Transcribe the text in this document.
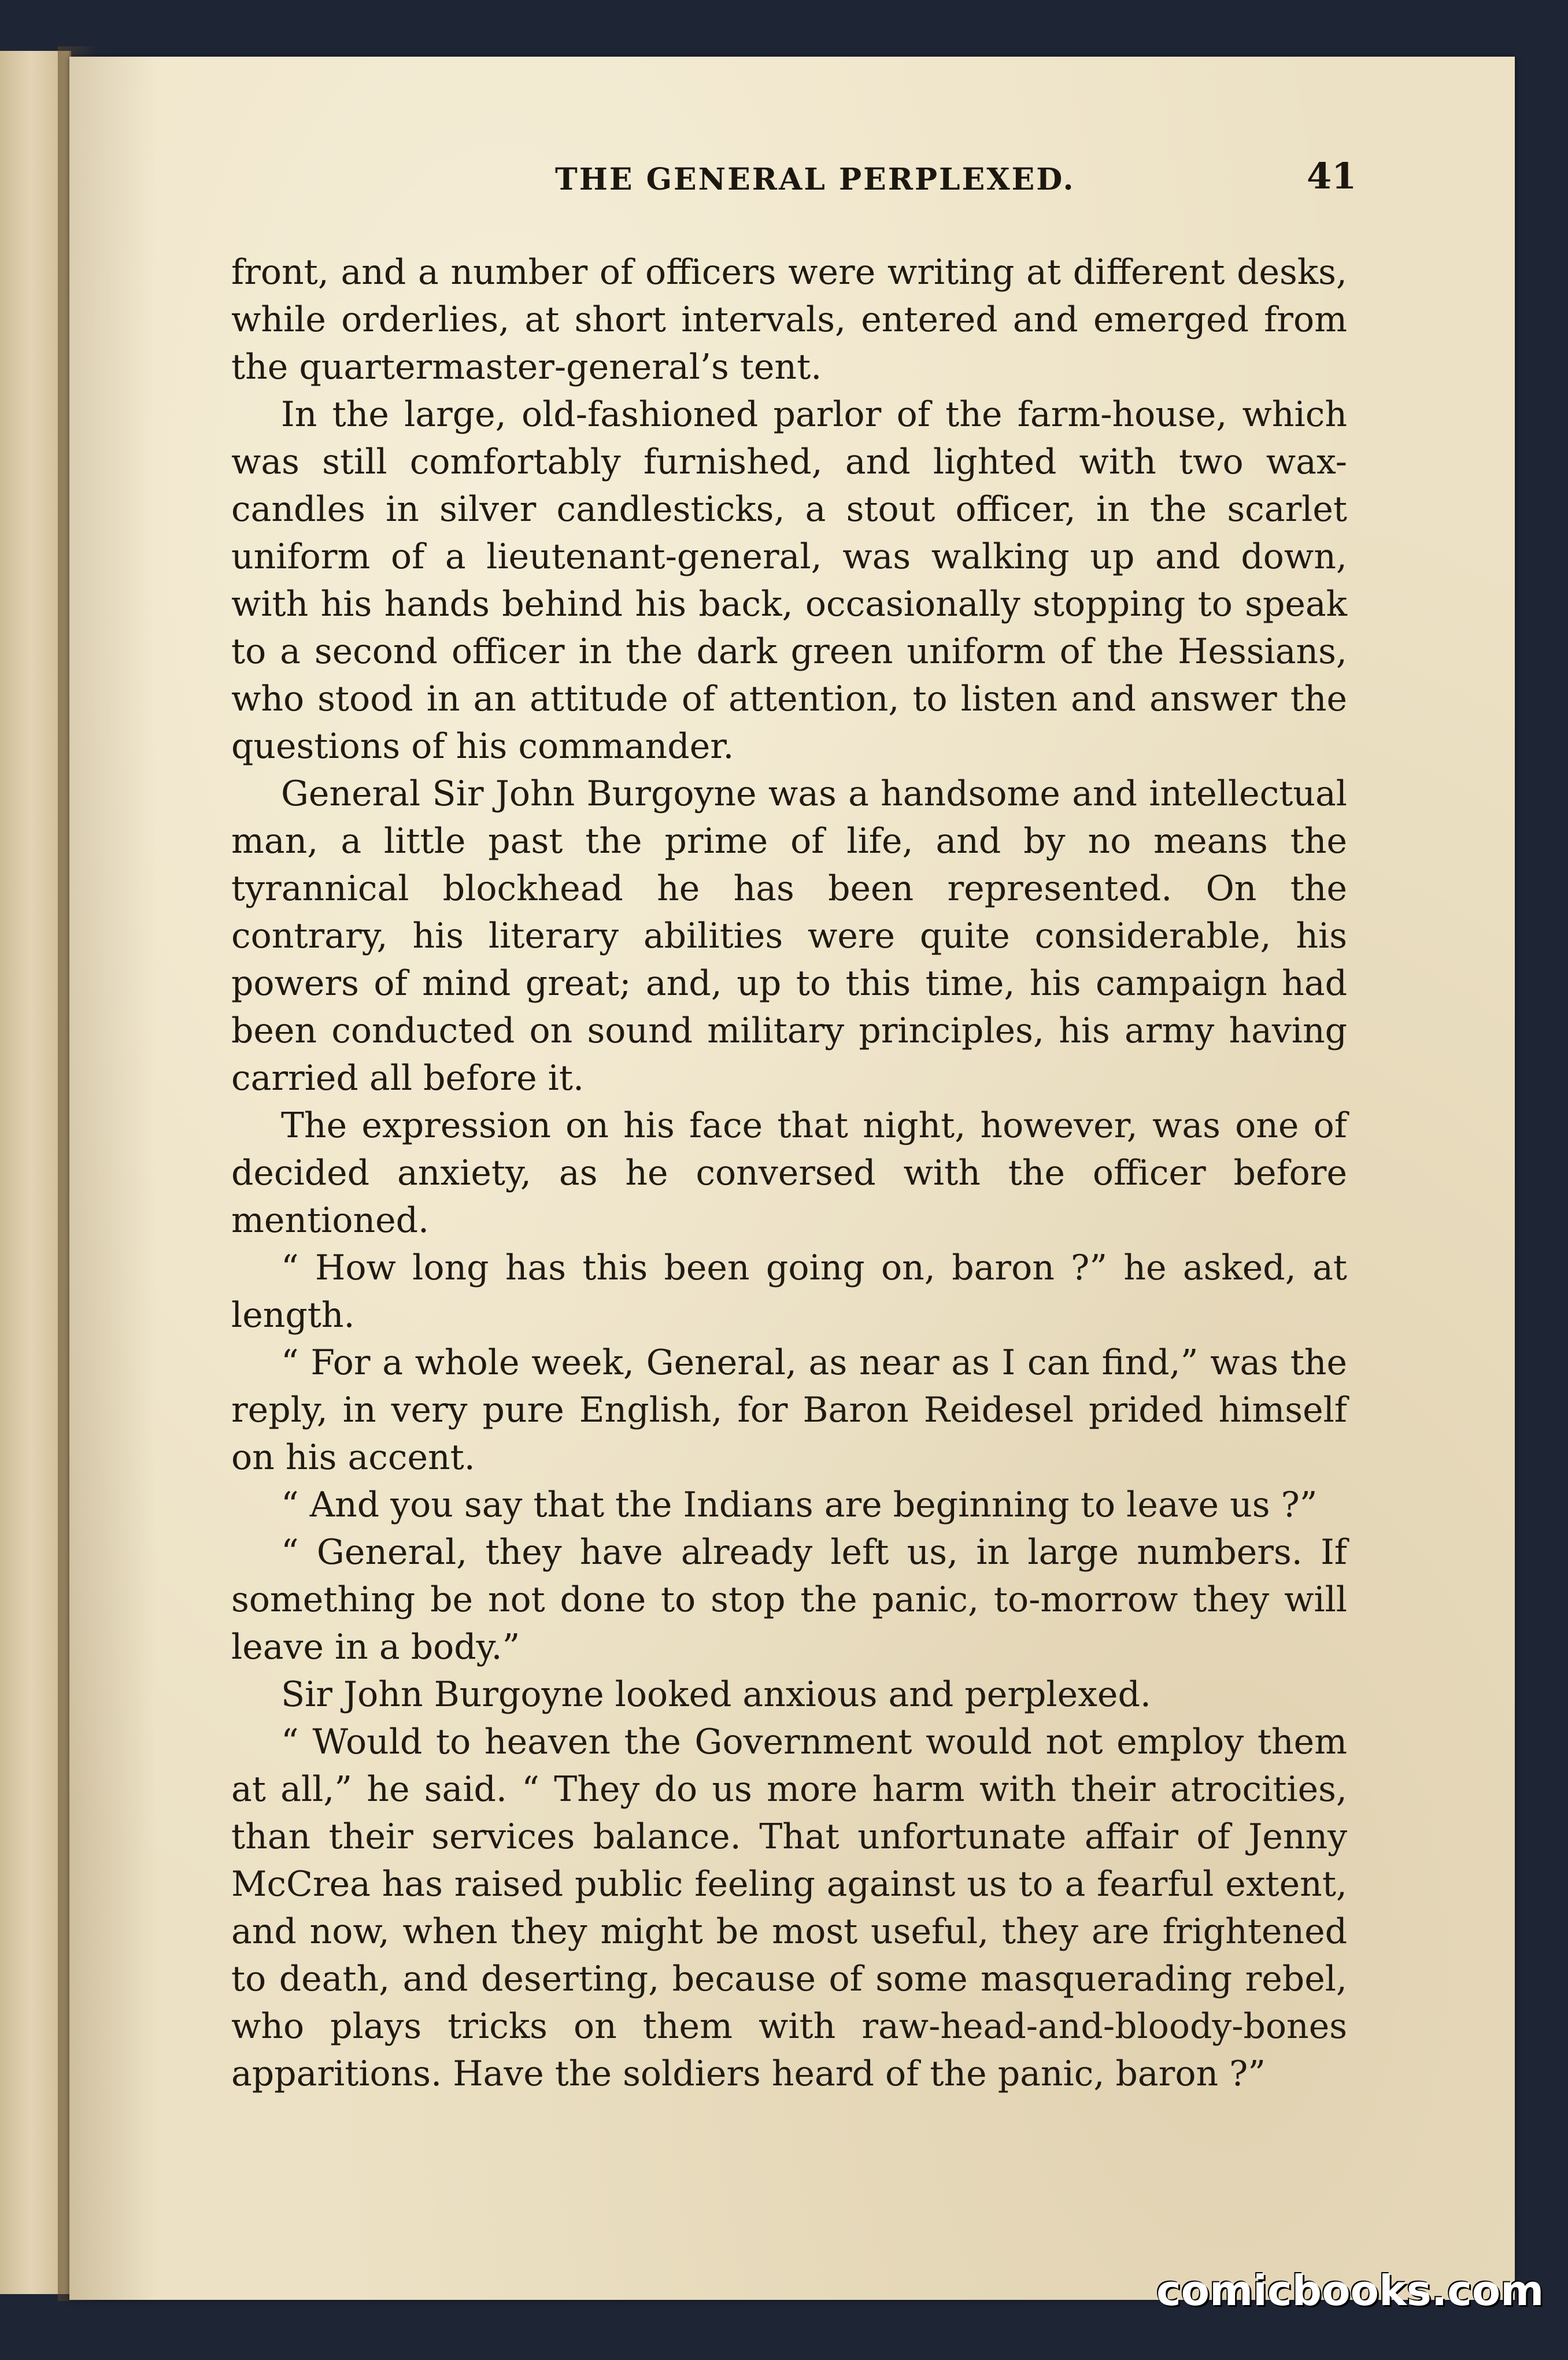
THE GENERAL PERPLEXED.	41

front, and a number of officers were writing at different desks, while orderlies, at short intervals, entered and emerged from the quartermaster-general’s tent.

In the large, old-fashioned parlor of the farm-house, which was still comfortably furnished, and lighted with two wax-candles in silver candlesticks, a stout officer, in the scarlet uniform of a lieutenant-general, was walking up and down, with his hands behind his back, occasionally stopping to speak to a second officer in the dark green uniform of the Hessians, who stood in an attitude of attention, to listen and answer the questions of his commander.

General Sir John Burgoyne was a handsome and intellectual man, a little past the prime of life, and by no means the tyrannical blockhead he has been represented. On the contrary, his literary abilities were quite considerable, his powers of mind great; and, up to this time, his campaign had been conducted on sound military principles, his army having carried all before it.

The expression on his face that night, however, was one of decided anxiety, as he conversed with the officer before mentioned.

“ How long has this been going on, baron ?” he asked, at length.

“ For a whole week, General, as near as I can find,” was the reply, in very pure English, for Baron Reidesel prided himself on his accent.

“ And you say that the Indians are beginning to leave us ?”

“ General, they have already left us, in large numbers. If something be not done to stop the panic, to-morrow they will leave in a body.”

Sir John Burgoyne looked anxious and perplexed.

“ Would to heaven the Government would not employ them at all,” he said. “ They do us more harm with their atrocities, than their services balance. That unfortunate affair of Jenny McCrea has raised public feeling against us to a fearful extent, and now, when they might be most useful, they are frightened to death, and deserting, because of some masquerading rebel, who plays tricks on them with raw-head-and-bloody-bones apparitions. Have the soldiers heard of the panic, baron ?”

comicbooks.com
